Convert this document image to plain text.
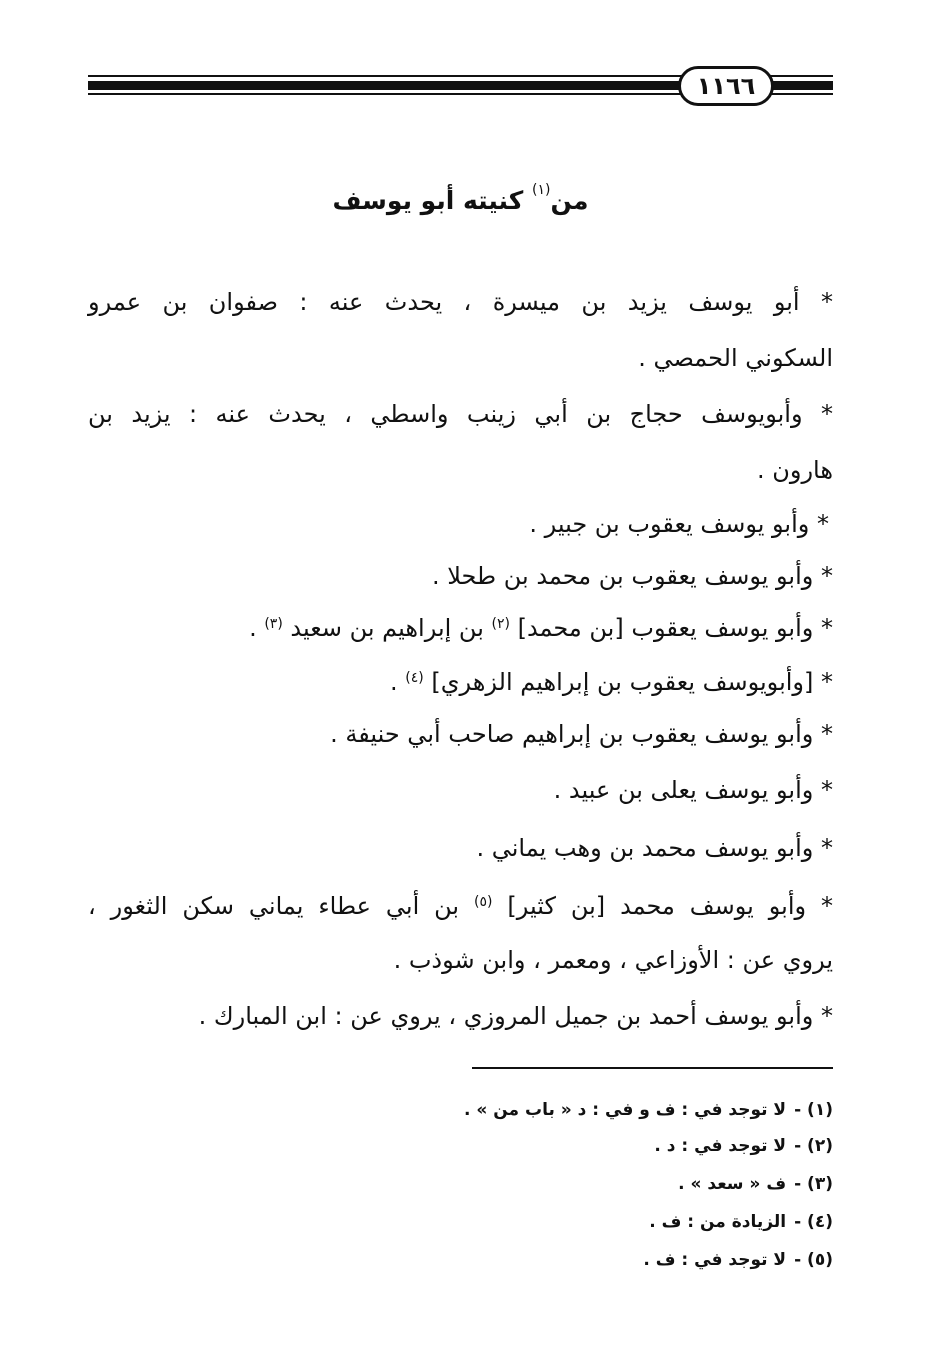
١١٦٦
من$^{(١)}$ كنيته أبو يوسف
* أبو يوسف يزيد بن ميسرة ، يحدث عنه : صفوان بن عمرو
السكوني الحمصي .
* وأبويوسف حجاج بن أبي زينب واسطي ، يحدث عنه : يزيد بن
هارون .
* وأبو يوسف يعقوب بن جبير .
* وأبو يوسف يعقوب بن محمد بن طحلا .
* وأبو يوسف يعقوب [بن محمد] $^{(٢)}$ بن إبراهيم بن سعيد $^{(٣)}$ .
* [وأبويوسف يعقوب بن إبراهيم الزهري] $^{(٤)}$ .
* وأبو يوسف يعقوب بن إبراهيم صاحب أبي حنيفة .
* وأبو يوسف يعلى بن عبيد .
* وأبو يوسف محمد بن وهب يماني .
* وأبو يوسف محمد [بن كثير] $^{(٥)}$ بن أبي عطاء يماني سكن الثغور ،
يروي عن : الأوزاعي ، ومعمر ، وابن شوذب .
* وأبو يوسف أحمد بن جميل المروزي ، يروي عن : ابن المبارك .
(١) -لا توجد في : ف و في : د « باب من » .
(٢) -لا توجد في : د .
(٣) -ف « سعد » .
(٤) -الزيادة من : ف .
(٥) -لا توجد في : ف .
